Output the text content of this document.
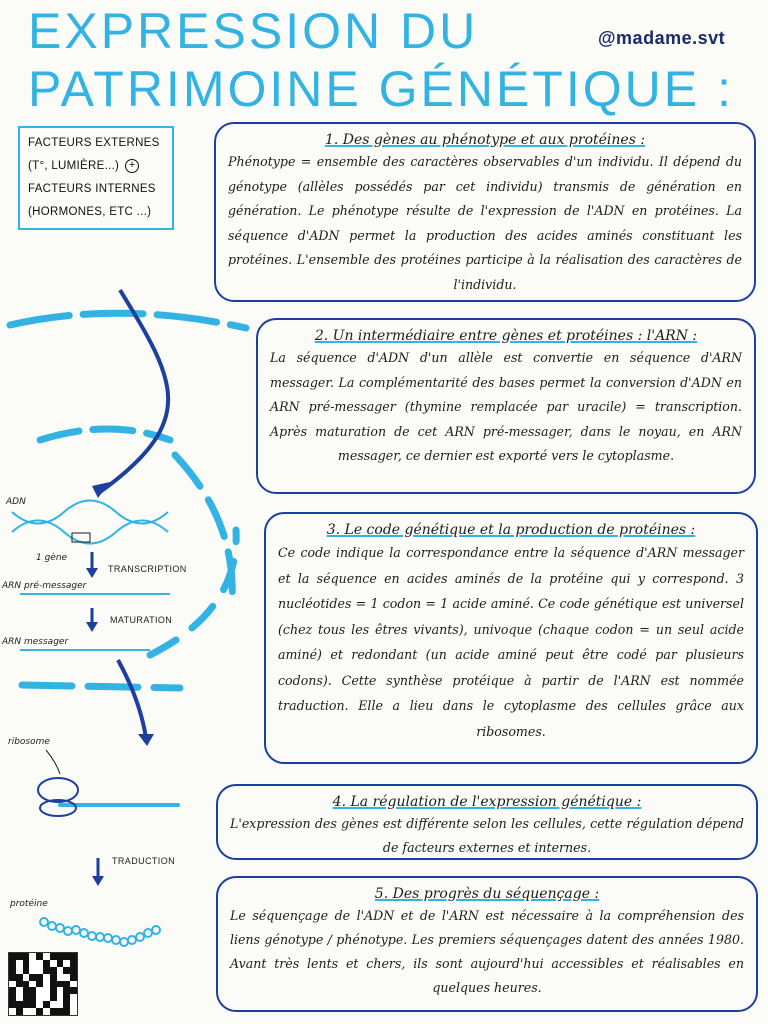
EXPRESSION DU
PATRIMOINE GÉNÉTIQUE :
@madame.svt
FACTEURS EXTERNES
(T°, LUMIÈRE...) +
FACTEURS INTERNES
(HORMONES, ETC ...)
ADN
1 gène
TRANSCRIPTION
ARN pré-messager
MATURATION
ARN messager
ribosome
TRADUCTION
protéine
1. Des gènes au phénotype et aux protéines :

Phénotype = ensemble des caractères observables d'un individu. Il dépend du génotype (allèles possédés par cet individu) transmis de génération en génération. Le phénotype résulte de l'expression de l'ADN en protéines. La séquence d'ADN permet la production des acides aminés constituant les protéines. L'ensemble des protéines participe à la réalisation des caractères de l'individu.

2. Un intermédiaire entre gènes et protéines : l'ARN :

La séquence d'ADN d'un allèle est convertie en séquence d'ARN messager. La complémentarité des bases permet la conversion d'ADN en ARN pré-messager (thymine remplacée par uracile) = transcription. Après maturation de cet ARN pré-messager, dans le noyau, en ARN messager, ce dernier est exporté vers le cytoplasme.

3. Le code génétique et la production de protéines :

Ce code indique la correspondance entre la séquence d'ARN messager et la séquence en acides aminés de la protéine qui y correspond. 3 nucléotides = 1 codon = 1 acide aminé. Ce code génétique est universel (chez tous les êtres vivants), univoque (chaque codon = un seul acide aminé) et redondant (un acide aminé peut être codé par plusieurs codons). Cette synthèse protéique à partir de l'ARN est nommée traduction. Elle a lieu dans le cytoplasme des cellules grâce aux ribosomes.

4. La régulation de l'expression génétique :

L'expression des gènes est différente selon les cellules, cette régulation dépend de facteurs externes et internes.

5. Des progrès du séquençage :

Le séquençage de l'ADN et de l'ARN est nécessaire à la compréhension des liens génotype / phénotype. Les premiers séquençages datent des années 1980. Avant très lents et chers, ils sont aujourd'hui accessibles et réalisables en quelques heures.
